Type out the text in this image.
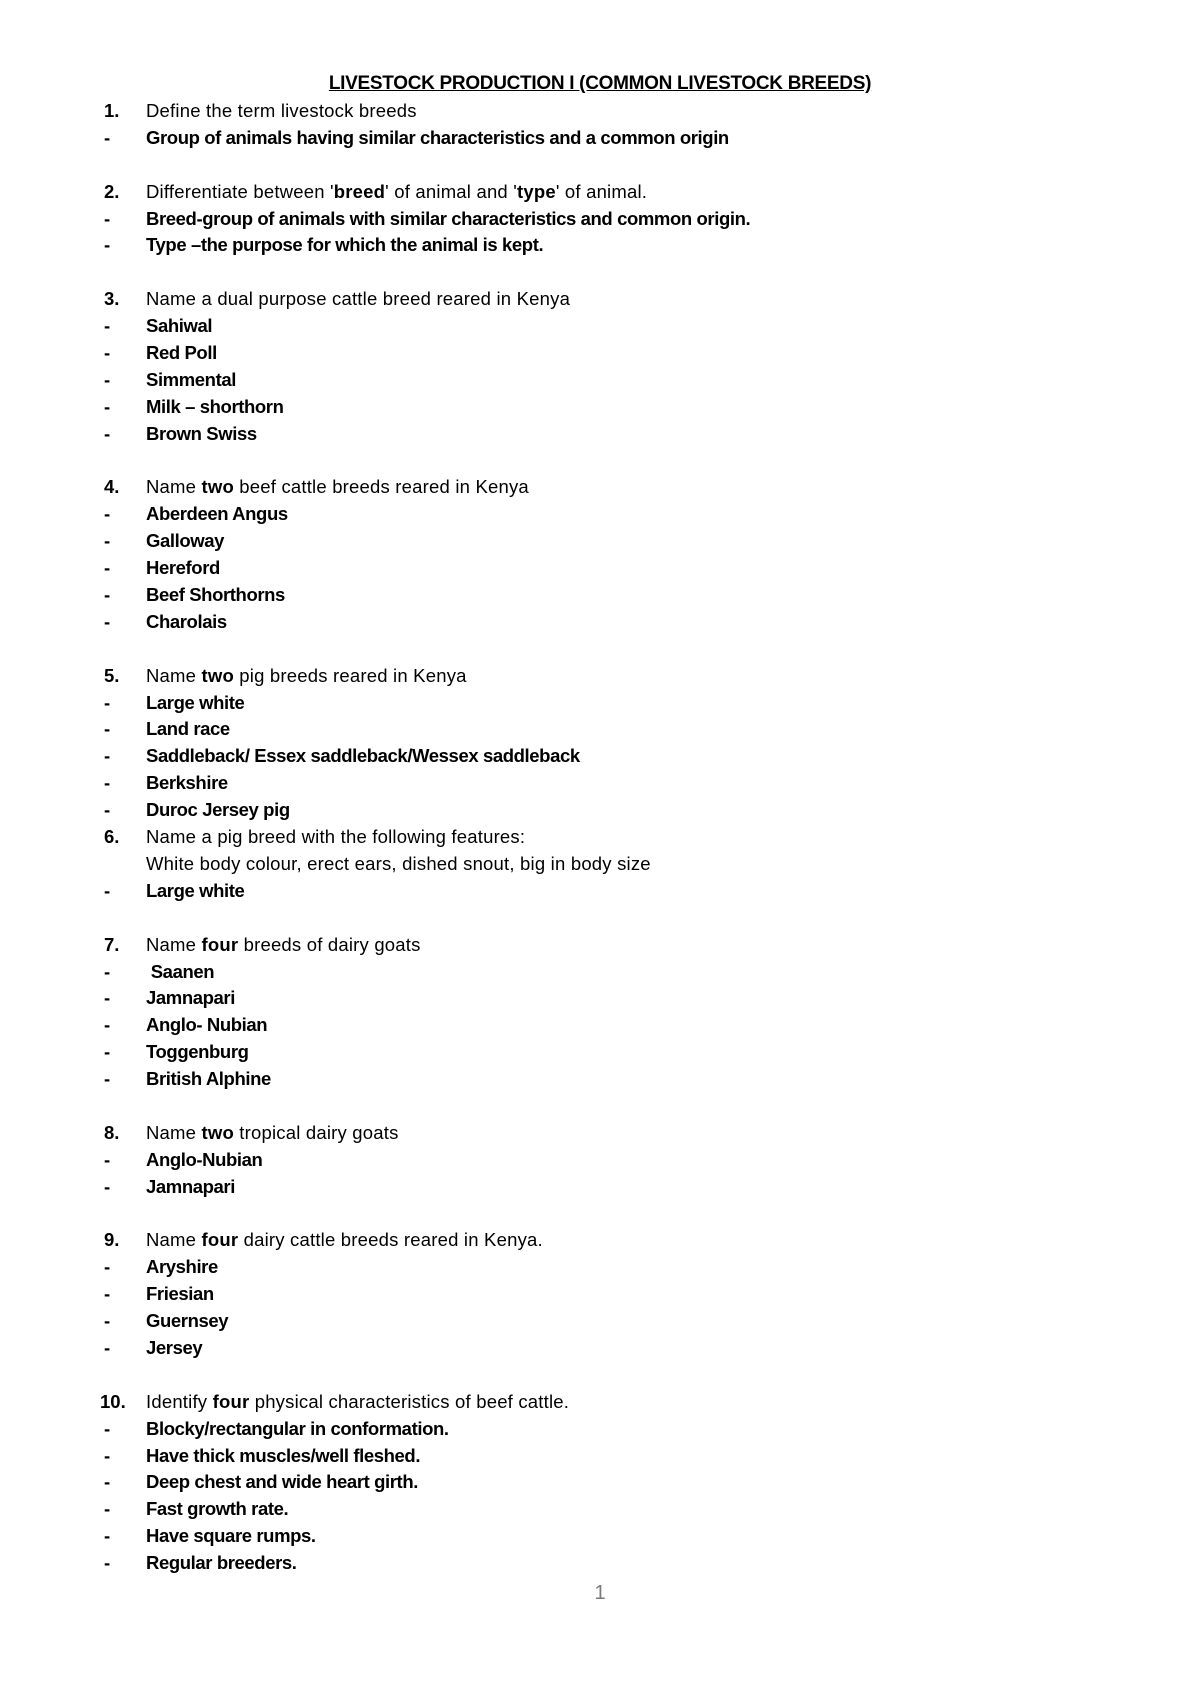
LIVESTOCK PRODUCTION I (COMMON LIVESTOCK BREEDS)
1. Define the term livestock breeds
- Group of animals having similar characteristics and a common origin
2. Differentiate between 'breed' of animal and 'type' of animal.
- Breed-group of animals with similar characteristics and common origin.
- Type –the purpose for which the animal is kept.
3. Name a dual purpose cattle breed reared in Kenya
- Sahiwal
- Red Poll
- Simmental
- Milk – shorthorn
- Brown Swiss
4. Name two beef cattle breeds reared in Kenya
- Aberdeen Angus
- Galloway
- Hereford
- Beef Shorthorns
- Charolais
5. Name two pig breeds reared in Kenya
- Large white
- Land race
- Saddleback/ Essex saddleback/Wessex saddleback
- Berkshire
- Duroc Jersey pig
6. Name a pig breed with the following features:
White body colour, erect ears, dished snout, big in body size
- Large white
7. Name four breeds of dairy goats
- Saanen
- Jamnapari
- Anglo- Nubian
- Toggenburg
- British Alphine
8. Name two tropical dairy goats
- Anglo-Nubian
- Jamnapari
9. Name four dairy cattle breeds reared in Kenya.
- Aryshire
- Friesian
- Guernsey
- Jersey
10. Identify four physical characteristics of beef cattle.
- Blocky/rectangular in conformation.
- Have thick muscles/well fleshed.
- Deep chest and wide heart girth.
- Fast growth rate.
- Have square rumps.
- Regular breeders.
1
